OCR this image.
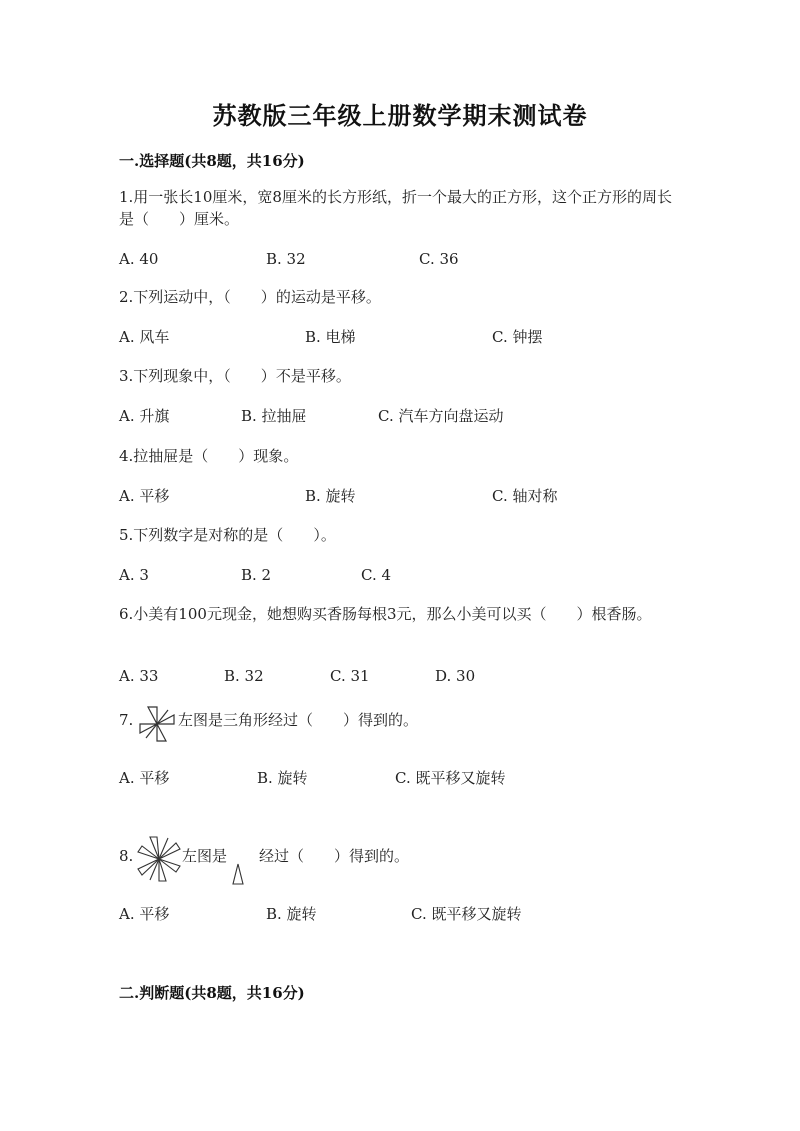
苏教版三年级上册数学期末测试卷
一.选择题(共8题，共16分)
1.用一张长10厘米，宽8厘米的长方形纸，折一个最大的正方形，这个正方形的周长是（　　）厘米。
A. 40	B. 32	C. 36
2.下列运动中，（　　）的运动是平移。
A. 风车	B. 电梯	C. 钟摆
3.下列现象中，（　　）不是平移。
A. 升旗	B. 拉抽屉	C. 汽车方向盘运动
4.拉抽屉是（　　）现象。
A. 平移	B. 旋转	C. 轴对称
5.下列数字是对称的是（　　）。
A. 3	B. 2	C. 4
6.小美有100元现金，她想购买香肠每根3元，那么小美可以买（　　）根香肠。
A. 33	B. 32	C. 31	D. 30
7.	左图是三角形经过（　　）得到的。
A. 平移	B. 旋转	C. 既平移又旋转
8.	左图是 经过（　　）得到的。
A. 平移	B. 旋转	C. 既平移又旋转
二.判断题(共8题，共16分)
